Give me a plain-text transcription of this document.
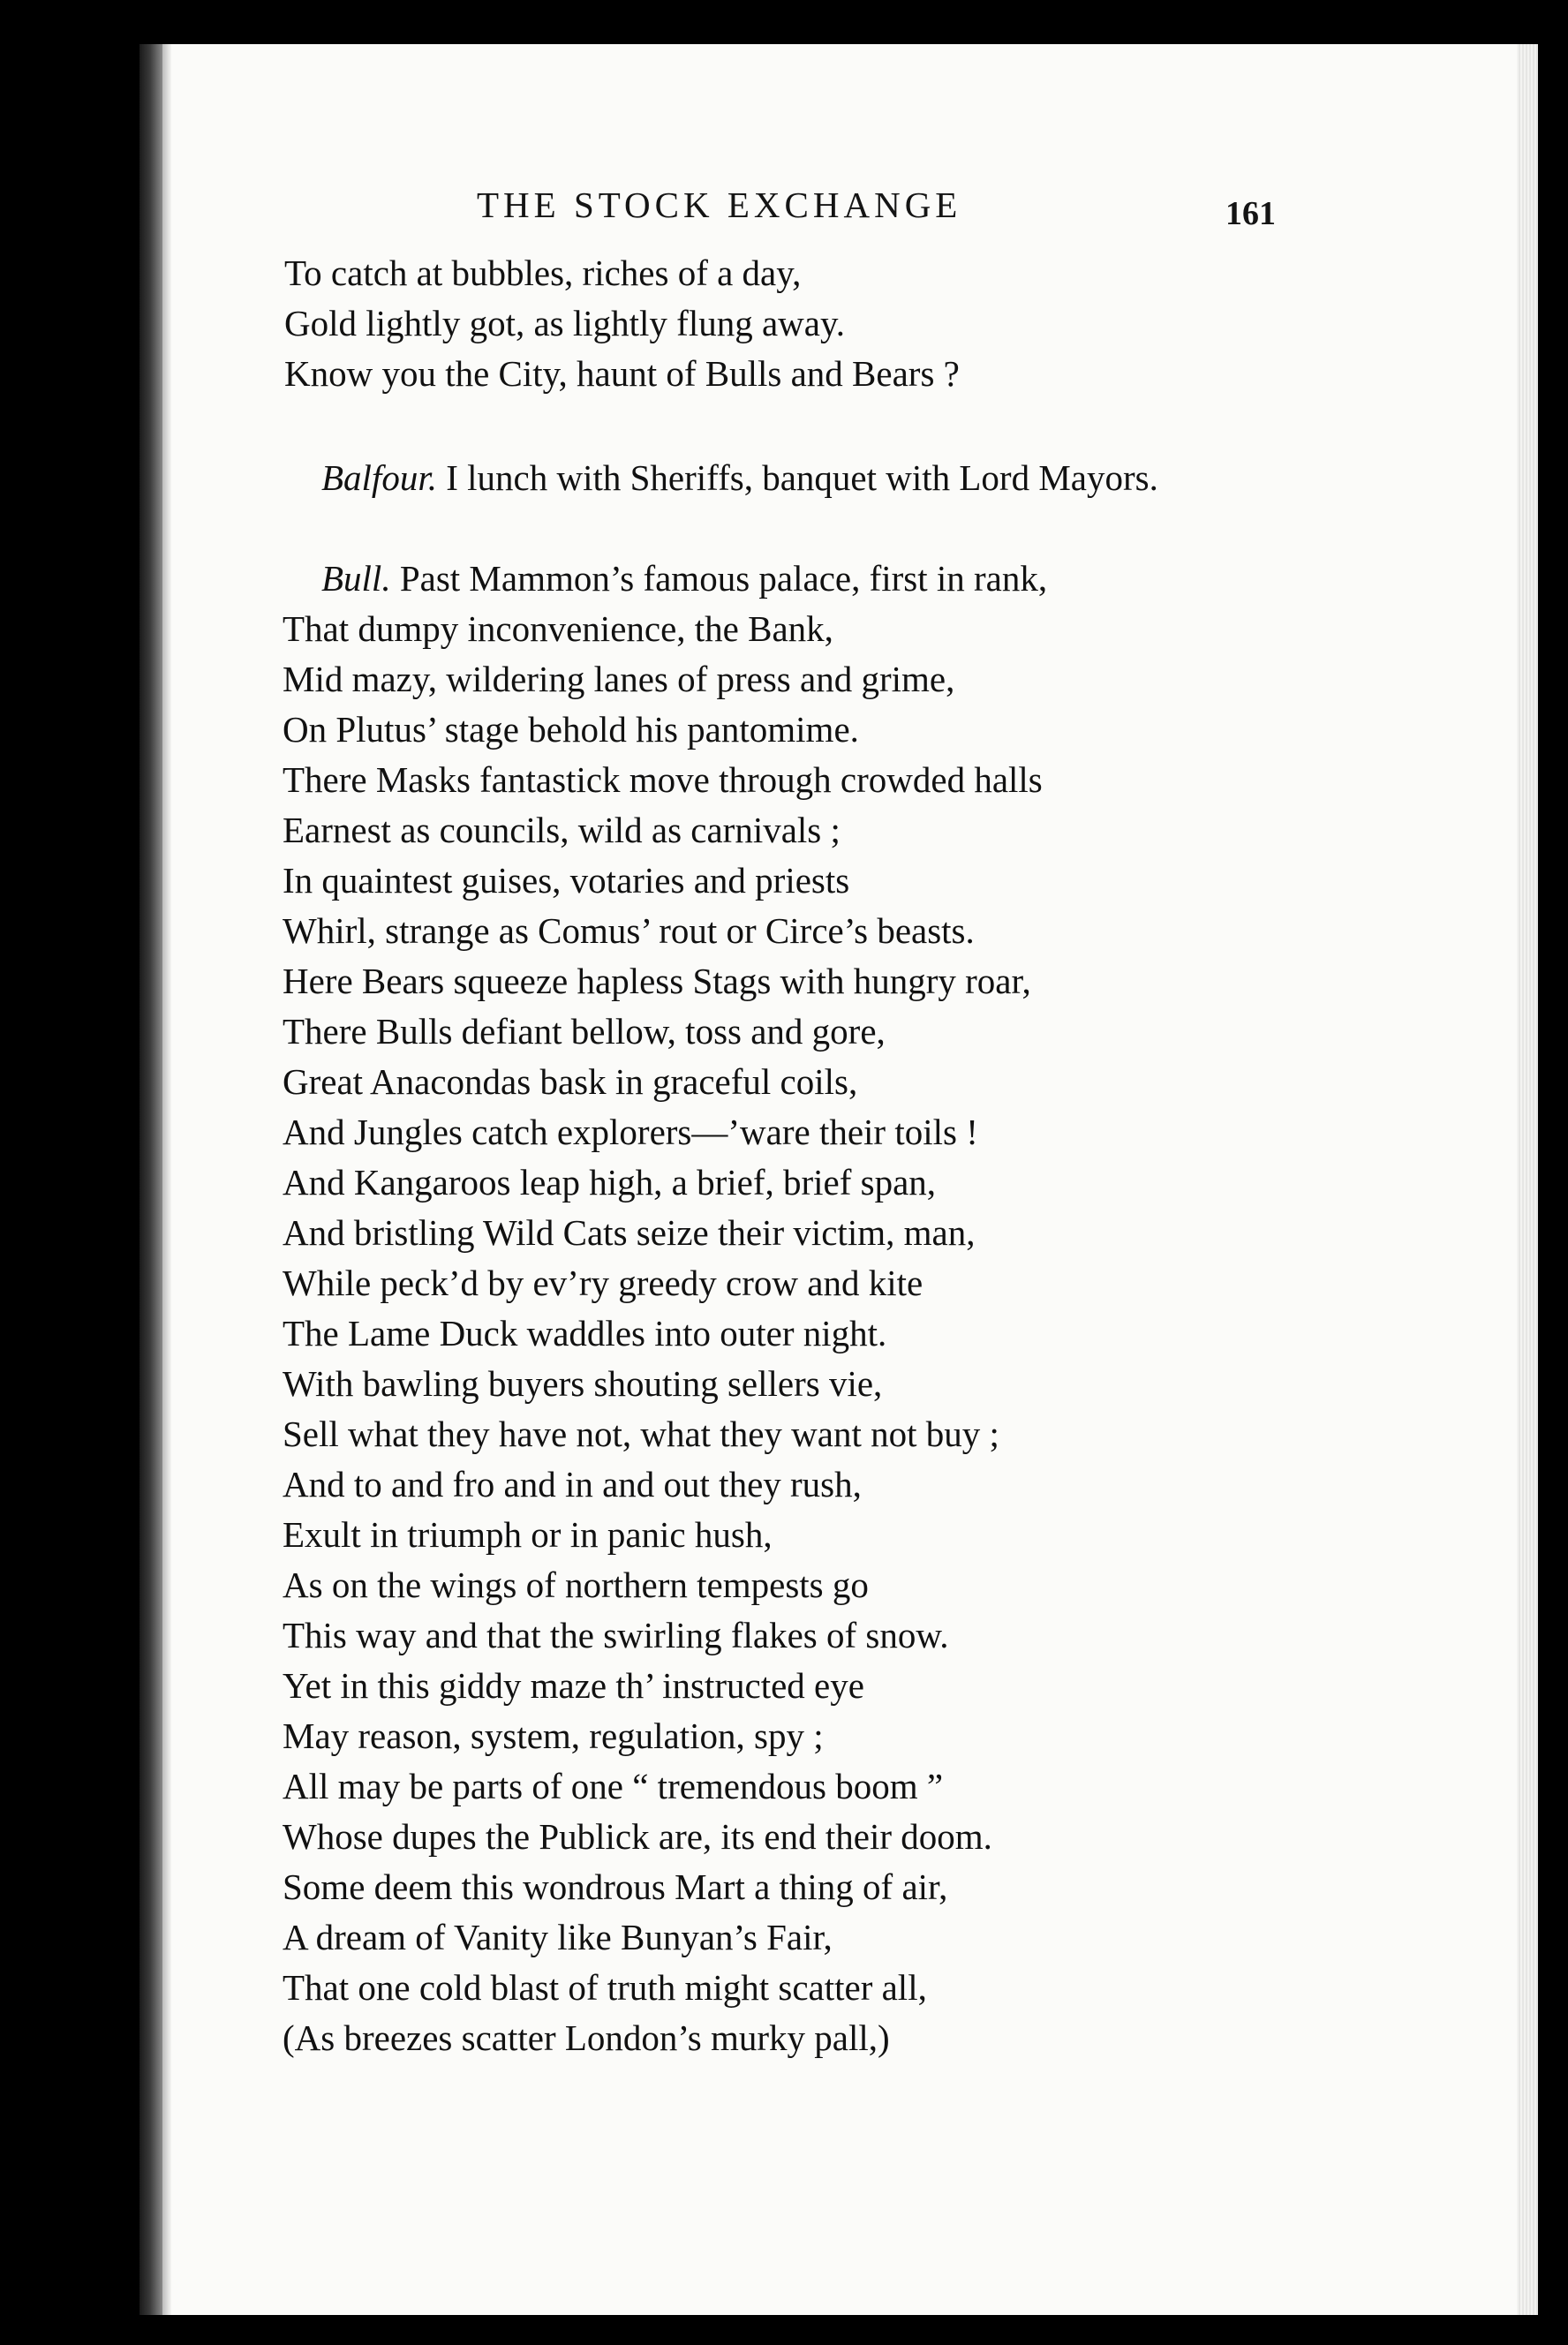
THE STOCK EXCHANGE	161
To catch at bubbles, riches of a day,
Gold lightly got, as lightly flung away.
Know you the City, haunt of Bulls and Bears ?
Balfour. I lunch with Sheriffs, banquet with Lord Mayors.
Bull. Past Mammon’s famous palace, first in rank,
That dumpy inconvenience, the Bank,
Mid mazy, wildering lanes of press and grime,
On Plutus’ stage behold his pantomime.
There Masks fantastick move through crowded halls
Earnest as councils, wild as carnivals ;
In quaintest guises, votaries and priests
Whirl, strange as Comus’ rout or Circe’s beasts.
Here Bears squeeze hapless Stags with hungry roar,
There Bulls defiant bellow, toss and gore,
Great Anacondas bask in graceful coils,
And Jungles catch explorers—’ware their toils !
And Kangaroos leap high, a brief, brief span,
And bristling Wild Cats seize their victim, man,
While peck’d by ev’ry greedy crow and kite
The Lame Duck waddles into outer night.
With bawling buyers shouting sellers vie,
Sell what they have not, what they want not buy ;
And to and fro and in and out they rush,
Exult in triumph or in panic hush,
As on the wings of northern tempests go
This way and that the swirling flakes of snow.
Yet in this giddy maze th’ instructed eye
May reason, system, regulation, spy ;
All may be parts of one “ tremendous boom ”
Whose dupes the Publick are, its end their doom.
Some deem this wondrous Mart a thing of air,
A dream of Vanity like Bunyan’s Fair,
That one cold blast of truth might scatter all,
(As breezes scatter London’s murky pall,)
